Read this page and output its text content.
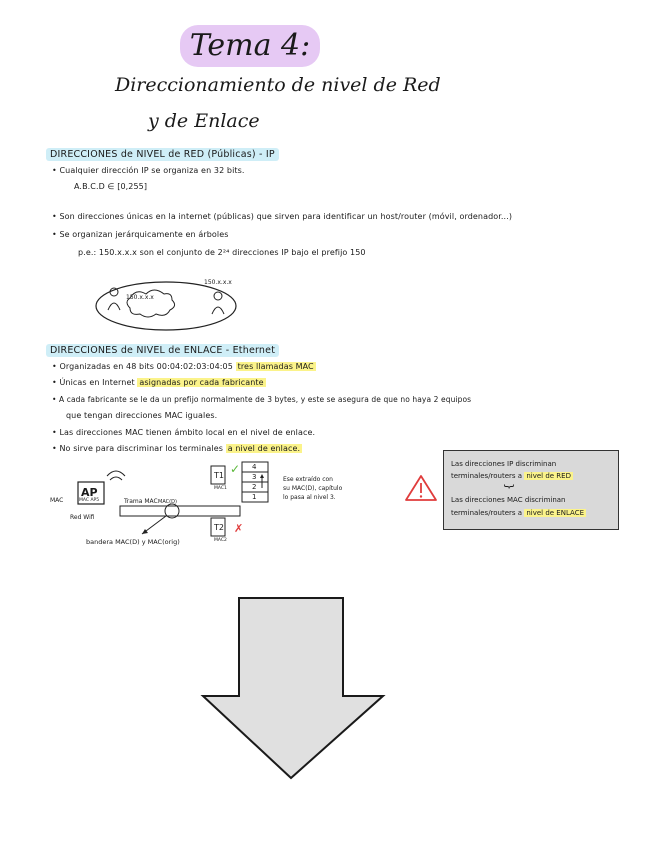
Tema 4:
Direccionamiento de nivel de Red
y de Enlace
DIRECCIONES de NIVEL de RED (Públicas) - IP
• Cualquier dirección IP se organiza en 32 bits.
A.B.C.D ∈ [0,255]
• Son direcciones únicas en la internet (públicas) que sirven para identificar un host/router (móvil, ordenador...)
• Se organizan jerárquicamente en árboles
p.e.: 150.x.x.x son el conjunto de 2²⁴ direcciones IP bajo el prefijo 150
150.x.x.x
150.x.x.x
DIRECCIONES de NIVEL de ENLACE - Ethernet
• Organizadas en 48 bits 00:04:02:03:04:05 tres llamadas MAC
• Únicas en Internet asignadas por cada fabricante
• A cada fabricante se le da un prefijo normalmente de 3 bytes, y este se asegura de que no haya 2 equipos
que tengan direcciones MAC iguales.
• Las direcciones MAC tienen ámbito local en el nivel de enlace.
• No sirve para discriminar los terminales a nivel de enlace.
AP
MAC AP5
MAC
Red Wifi
Trama MAC MAC(D)
T1
MAC1
T2
MAC2
✓
✗
4
3
2
1
Ese extraído con
su MAC(D), capítulo
lo pasa al nivel 3.
bandera MAC(D) y MAC(orig)
Las direcciones IP discriminan
terminales/routers a nivel de RED
}
Las direcciones MAC discriminan
terminales/routers a nivel de ENLACE
